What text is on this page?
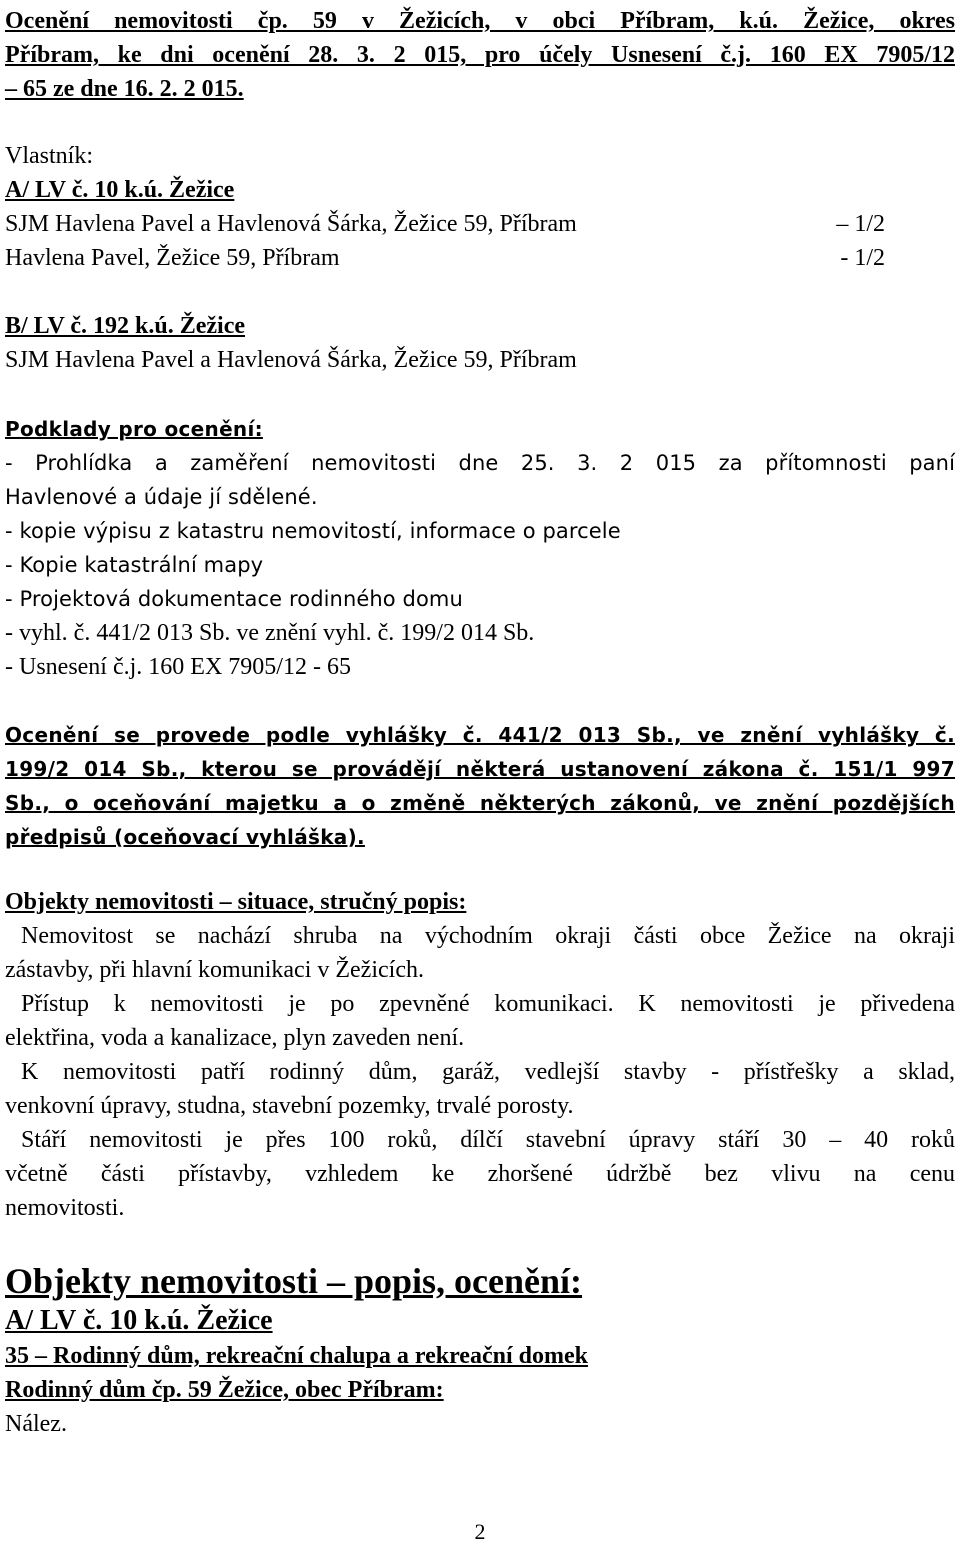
Ocenění nemovitosti čp. 59 v Žežicích, v obci Příbram, k.ú. Žežice, okres
Příbram, ke dni ocenění 28. 3. 2 015, pro účely Usnesení č.j. 160 EX 7905/12
– 65 ze dne 16. 2. 2 015.
Vlastník:
A/ LV č. 10 k.ú. Žežice
SJM Havlena Pavel a Havlenová Šárka, Žežice 59, Příbram	– 1/2
Havlena Pavel, Žežice 59, Příbram	- 1/2
B/ LV č. 192 k.ú. Žežice
SJM Havlena Pavel a Havlenová Šárka, Žežice 59, Příbram
Podklady pro ocenění:
- Prohlídka a zaměření nemovitosti dne 25. 3. 2 015 za přítomnosti paní
Havlenové a údaje jí sdělené.
- kopie výpisu z katastru nemovitostí, informace o parcele
- Kopie katastrální mapy
- Projektová dokumentace rodinného domu
- vyhl. č. 441/2 013 Sb. ve znění vyhl. č. 199/2 014 Sb.
- Usnesení č.j. 160 EX 7905/12 - 65
Ocenění se provede podle vyhlášky č. 441/2 013 Sb., ve znění vyhlášky č.
199/2 014 Sb., kterou se provádějí některá ustanovení zákona č. 151/1 997
Sb., o oceňování majetku a o změně některých zákonů, ve znění pozdějších
předpisů (oceňovací vyhláška).
Objekty nemovitosti – situace, stručný popis:
Nemovitost se nachází shruba na východním okraji části obce Žežice na okraji
zástavby, při hlavní komunikaci v Žežicích.
Přístup k nemovitosti je po zpevněné komunikaci. K nemovitosti je přivedena
elektřina, voda a kanalizace, plyn zaveden není.
K nemovitosti patří rodinný dům, garáž, vedlejší stavby - přístřešky a sklad,
venkovní úpravy, studna, stavební pozemky, trvalé porosty.
Stáří nemovitosti je přes 100 roků, dílčí stavební úpravy stáří 30 – 40 roků
včetně části přístavby, vzhledem ke zhoršené údržbě bez vlivu na cenu
nemovitosti.
Objekty nemovitosti – popis, ocenění:
A/ LV č. 10 k.ú. Žežice
35 – Rodinný dům, rekreační chalupa a rekreační domek
Rodinný dům čp. 59 Žežice, obec Příbram:
Nález.
2
